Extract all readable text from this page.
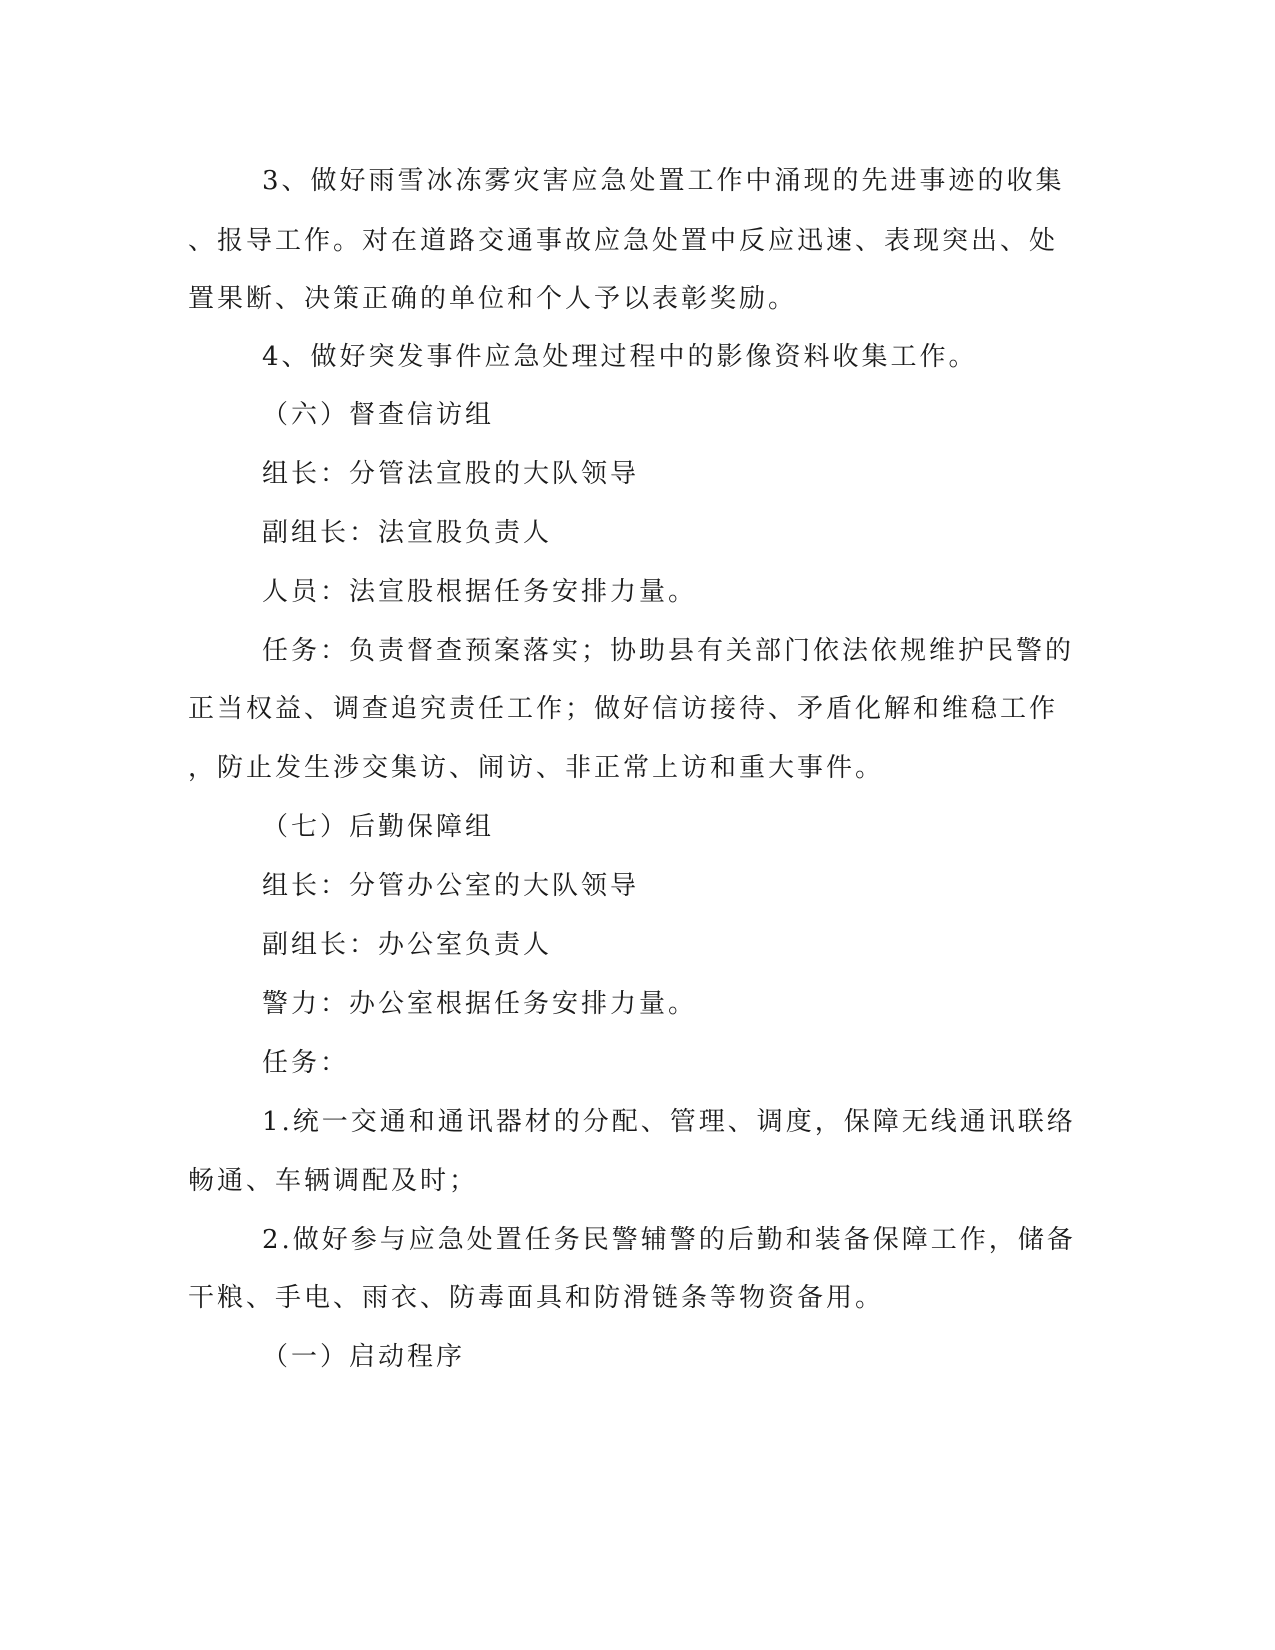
3、做好雨雪冰冻雾灾害应急处置工作中涌现的先进事迹的收集

、报导工作。对在道路交通事故应急处置中反应迅速、表现突出、处

置果断、决策正确的单位和个人予以表彰奖励。

4、做好突发事件应急处理过程中的影像资料收集工作。

（六）督查信访组

组长：分管法宣股的大队领导

副组长：法宣股负责人

人员：法宣股根据任务安排力量。

任务：负责督查预案落实；协助县有关部门依法依规维护民警的

正当权益、调查追究责任工作；做好信访接待、矛盾化解和维稳工作

，防止发生涉交集访、闹访、非正常上访和重大事件。

（七）后勤保障组

组长：分管办公室的大队领导

副组长：办公室负责人

警力：办公室根据任务安排力量。

任务：

1.统一交通和通讯器材的分配、管理、调度，保障无线通讯联络

畅通、车辆调配及时；

2.做好参与应急处置任务民警辅警的后勤和装备保障工作，储备

干粮、手电、雨衣、防毒面具和防滑链条等物资备用。

（一）启动程序
